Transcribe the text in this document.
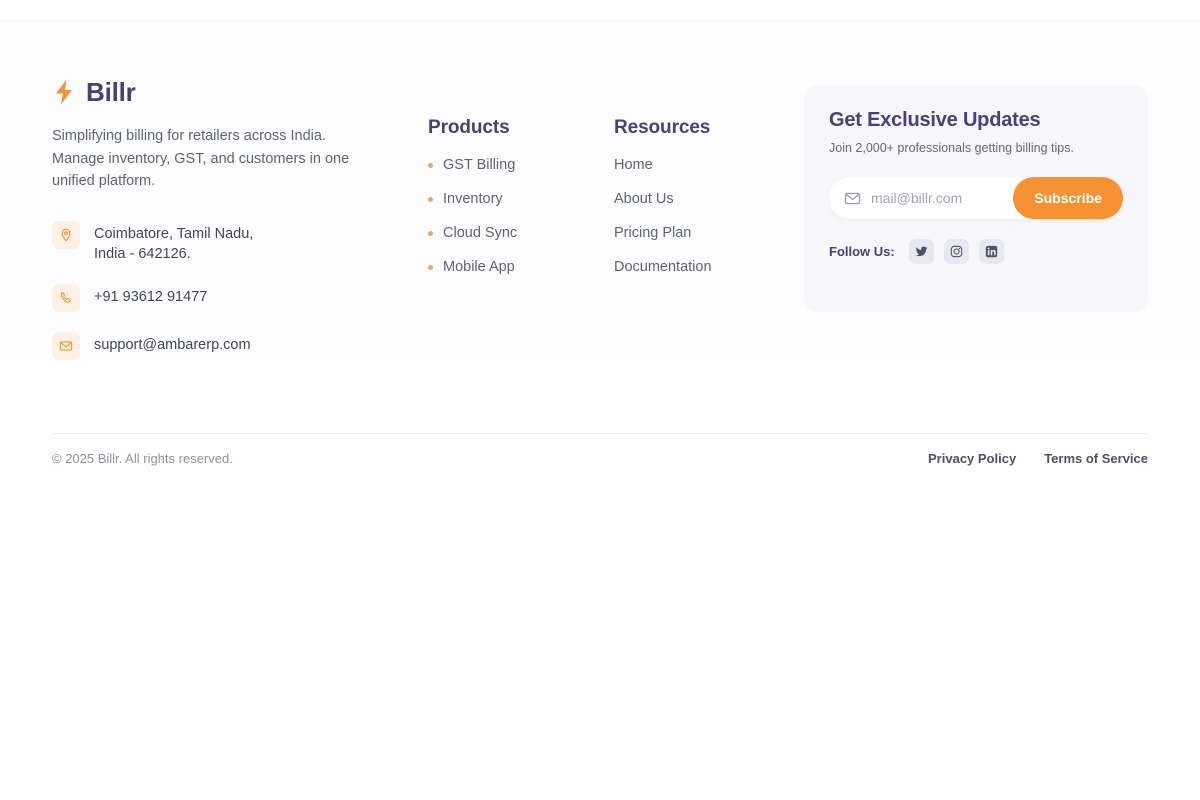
Billr
Simplifying billing for retailers across India. Manage inventory, GST, and customers in one unified platform.
Coimbatore, Tamil Nadu,
India - 642126.
+91 93612 91477
support@ambarerp.com
Products
GST Billing
Inventory
Cloud Sync
Mobile App
Resources
Home
About Us
Pricing Plan
Documentation
Get Exclusive Updates
Join 2,000+ professionals getting billing tips.
mail@billr.com
Subscribe
Follow Us:
© 2025 Billr. All rights reserved.	Privacy Policy Terms of Service
